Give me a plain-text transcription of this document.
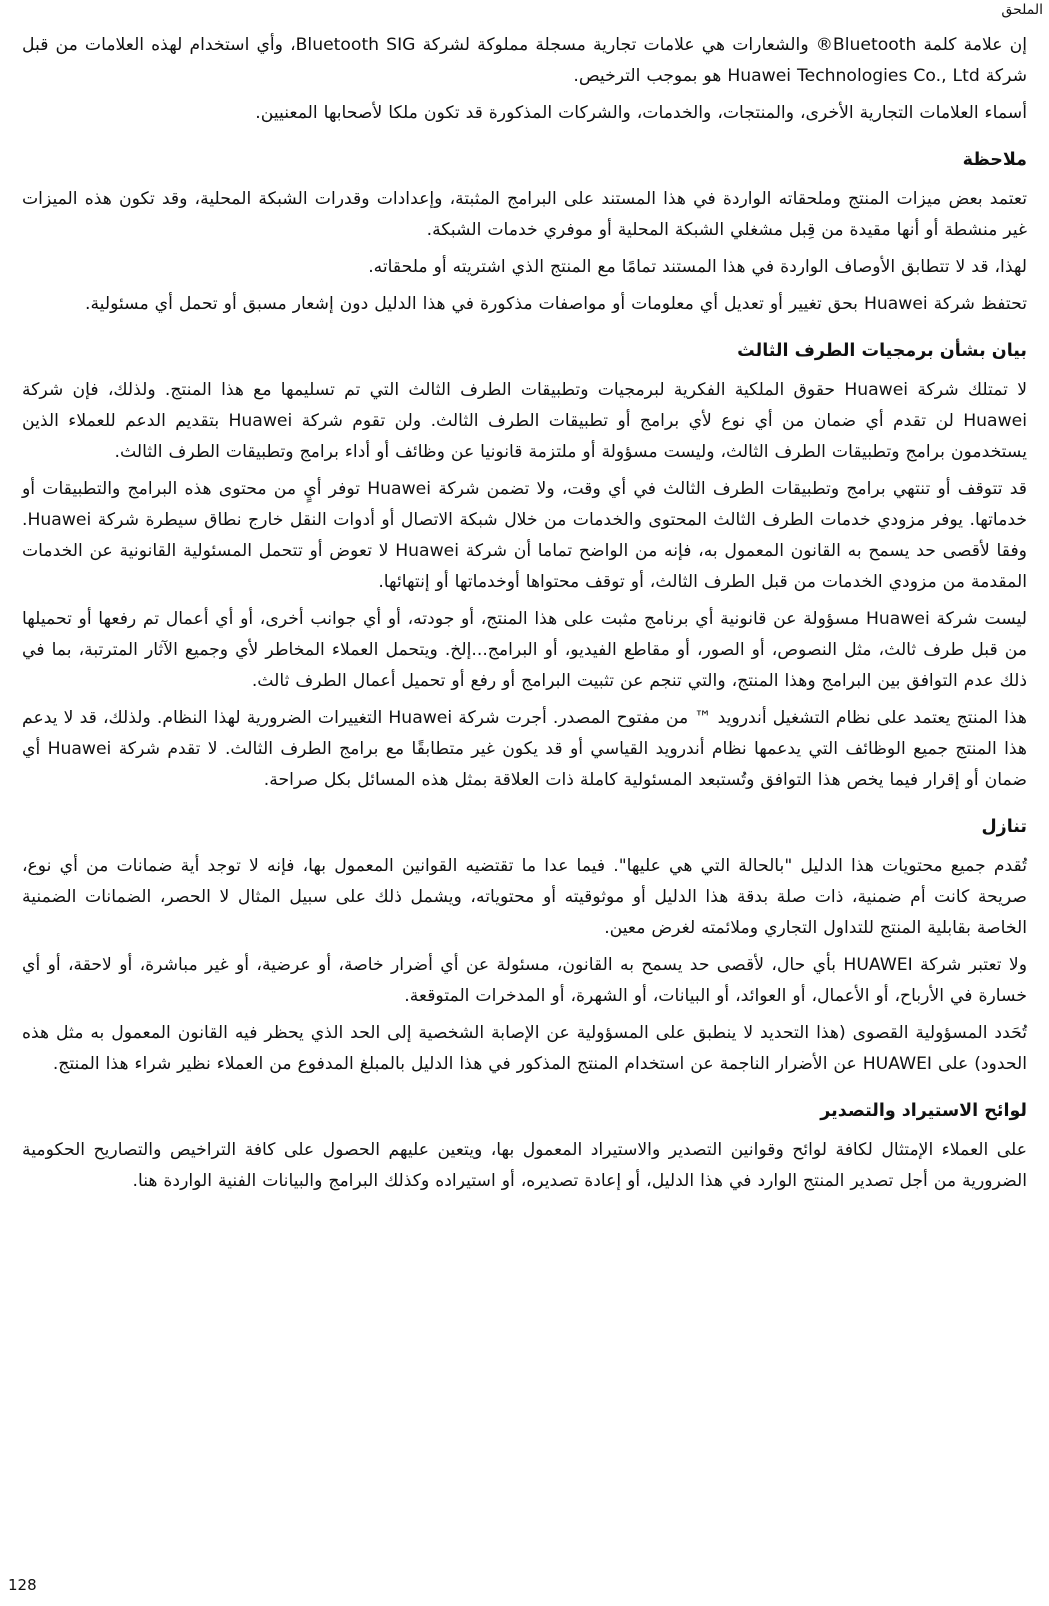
الملحق

إن علامة كلمة Bluetooth® والشعارات هي علامات تجارية مسجلة مملوكة لشركة Bluetooth SIG، وأي استخدام لهذه العلامات من قبل شركة Huawei Technologies Co., Ltd هو بموجب الترخيص.

أسماء العلامات التجارية الأخرى، والمنتجات، والخدمات، والشركات المذكورة قد تكون ملكا لأصحابها المعنيين.

ملاحظة

تعتمد بعض ميزات المنتج وملحقاته الواردة في هذا المستند على البرامج المثبتة، وإعدادات وقدرات الشبكة المحلية، وقد تكون هذه الميزات غير منشطة أو أنها مقيدة من قِبل مشغلي الشبكة المحلية أو موفري خدمات الشبكة.

لهذا، قد لا تتطابق الأوصاف الواردة في هذا المستند تمامًا مع المنتج الذي اشتريته أو ملحقاته.

تحتفظ شركة Huawei بحق تغيير أو تعديل أي معلومات أو مواصفات مذكورة في هذا الدليل دون إشعار مسبق أو تحمل أي مسئولية.

بيان بشأن برمجيات الطرف الثالث

لا تمتلك شركة Huawei حقوق الملكية الفكرية لبرمجيات وتطبيقات الطرف الثالث التي تم تسليمها مع هذا المنتج. ولذلك، فإن شركة Huawei لن تقدم أي ضمان من أي نوع لأي برامج أو تطبيقات الطرف الثالث. ولن تقوم شركة Huawei بتقديم الدعم للعملاء الذين يستخدمون برامج وتطبيقات الطرف الثالث، وليست مسؤولة أو ملتزمة قانونيا عن وظائف أو أداء برامج وتطبيقات الطرف الثالث.

قد تتوقف أو تنتهي برامج وتطبيقات الطرف الثالث في أي وقت، ولا تضمن شركة Huawei توفر أيٍ من محتوى هذه البرامج والتطبيقات أو خدماتها. يوفر مزودي خدمات الطرف الثالث المحتوى والخدمات من خلال شبكة الاتصال أو أدوات النقل خارج نطاق سيطرة شركة Huawei. وفقا لأقصى حد يسمح به القانون المعمول به، فإنه من الواضح تماما أن شركة Huawei لا تعوض أو تتحمل المسئولية القانونية عن الخدمات المقدمة من مزودي الخدمات من قبل الطرف الثالث، أو توقف محتواها أوخدماتها أو إنتهائها.

ليست شركة Huawei مسؤولة عن قانونية أي برنامج مثبت على هذا المنتج، أو جودته، أو أي جوانب أخرى، أو أي أعمال تم رفعها أو تحميلها من قبل طرف ثالث، مثل النصوص، أو الصور، أو مقاطع الفيديو، أو البرامج...إلخ. ويتحمل العملاء المخاطر لأي وجميع الآثار المترتبة، بما في ذلك عدم التوافق بين البرامج وهذا المنتج، والتي تنجم عن تثبيت البرامج أو رفع أو تحميل أعمال الطرف ثالث.

هذا المنتج يعتمد على نظام التشغيل أندرويد ™ من مفتوح المصدر. أجرت شركة Huawei التغييرات الضرورية لهذا النظام. ولذلك، قد لا يدعم هذا المنتج جميع الوظائف التي يدعمها نظام أندرويد القياسي أو قد يكون غير متطابقًا مع برامج الطرف الثالث. لا تقدم شركة Huawei أي ضمان أو إقرار فيما يخص هذا التوافق وتُستبعد المسئولية كاملة ذات العلاقة بمثل هذه المسائل بكل صراحة.

تنازل

تُقدم جميع محتويات هذا الدليل "بالحالة التي هي عليها". فيما عدا ما تقتضيه القوانين المعمول بها، فإنه لا توجد أية ضمانات من أي نوع، صريحة كانت أم ضمنية، ذات صلة بدقة هذا الدليل أو موثوقيته أو محتوياته، ويشمل ذلك على سبيل المثال لا الحصر، الضمانات الضمنية الخاصة بقابلية المنتج للتداول التجاري وملائمته لغرض معين.

ولا تعتبر شركة HUAWEI بأي حال، لأقصى حد يسمح به القانون، مسئولة عن أي أضرار خاصة، أو عرضية، أو غير مباشرة، أو لاحقة، أو أي خسارة في الأرباح، أو الأعمال، أو العوائد، أو البيانات، أو الشهرة، أو المدخرات المتوقعة.

تُحَدد المسؤولية القصوى (هذا التحديد لا ينطبق على المسؤولية عن الإصابة الشخصية إلى الحد الذي يحظر فيه القانون المعمول به مثل هذه الحدود) على HUAWEI عن الأضرار الناجمة عن استخدام المنتج المذكور في هذا الدليل بالمبلغ المدفوع من العملاء نظير شراء هذا المنتج.

لوائح الاستيراد والتصدير

على العملاء الإمتثال لكافة لوائح وقوانين التصدير والاستيراد المعمول بها، ويتعين عليهم الحصول على كافة التراخيص والتصاريح الحكومية الضرورية من أجل تصدير المنتج الوارد في هذا الدليل، أو إعادة تصديره، أو استيراده وكذلك البرامج والبيانات الفنية الواردة هنا.

128
